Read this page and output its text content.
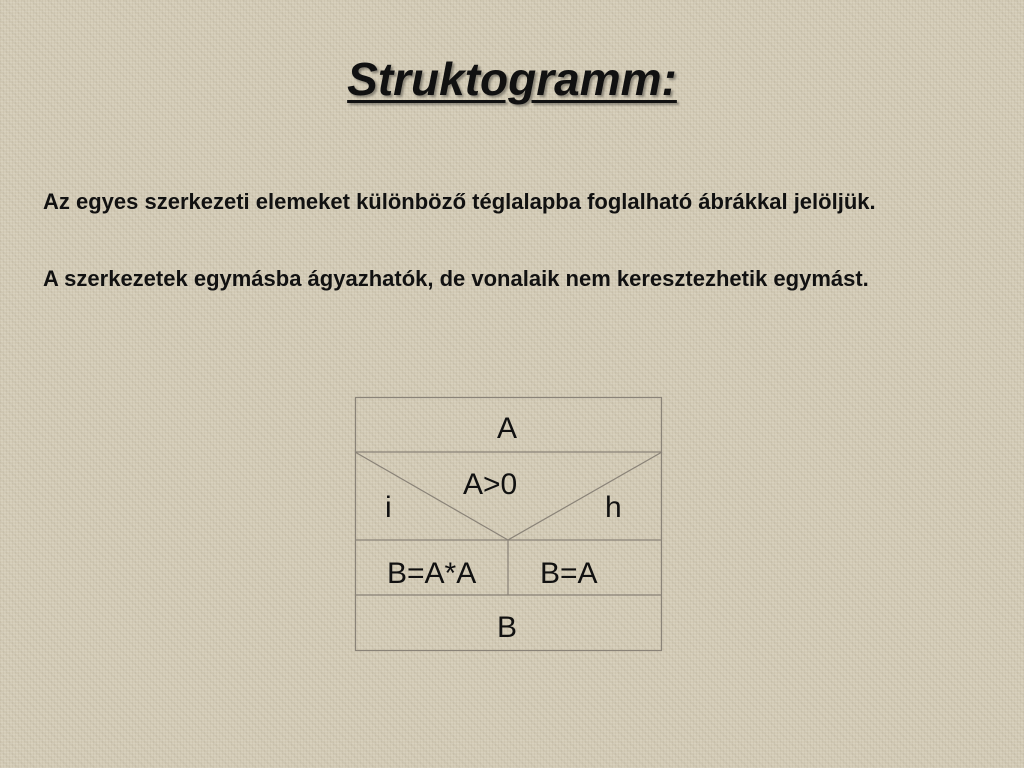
Struktogramm:

Az egyes szerkezeti elemeket különböző téglalapba foglalható ábrákkal jelöljük.

A szerkezetek egymásba ágyazhatók, de vonalaik nem keresztezhetik egymást.

A
A>0
i	h
B=A*A B=A
B
